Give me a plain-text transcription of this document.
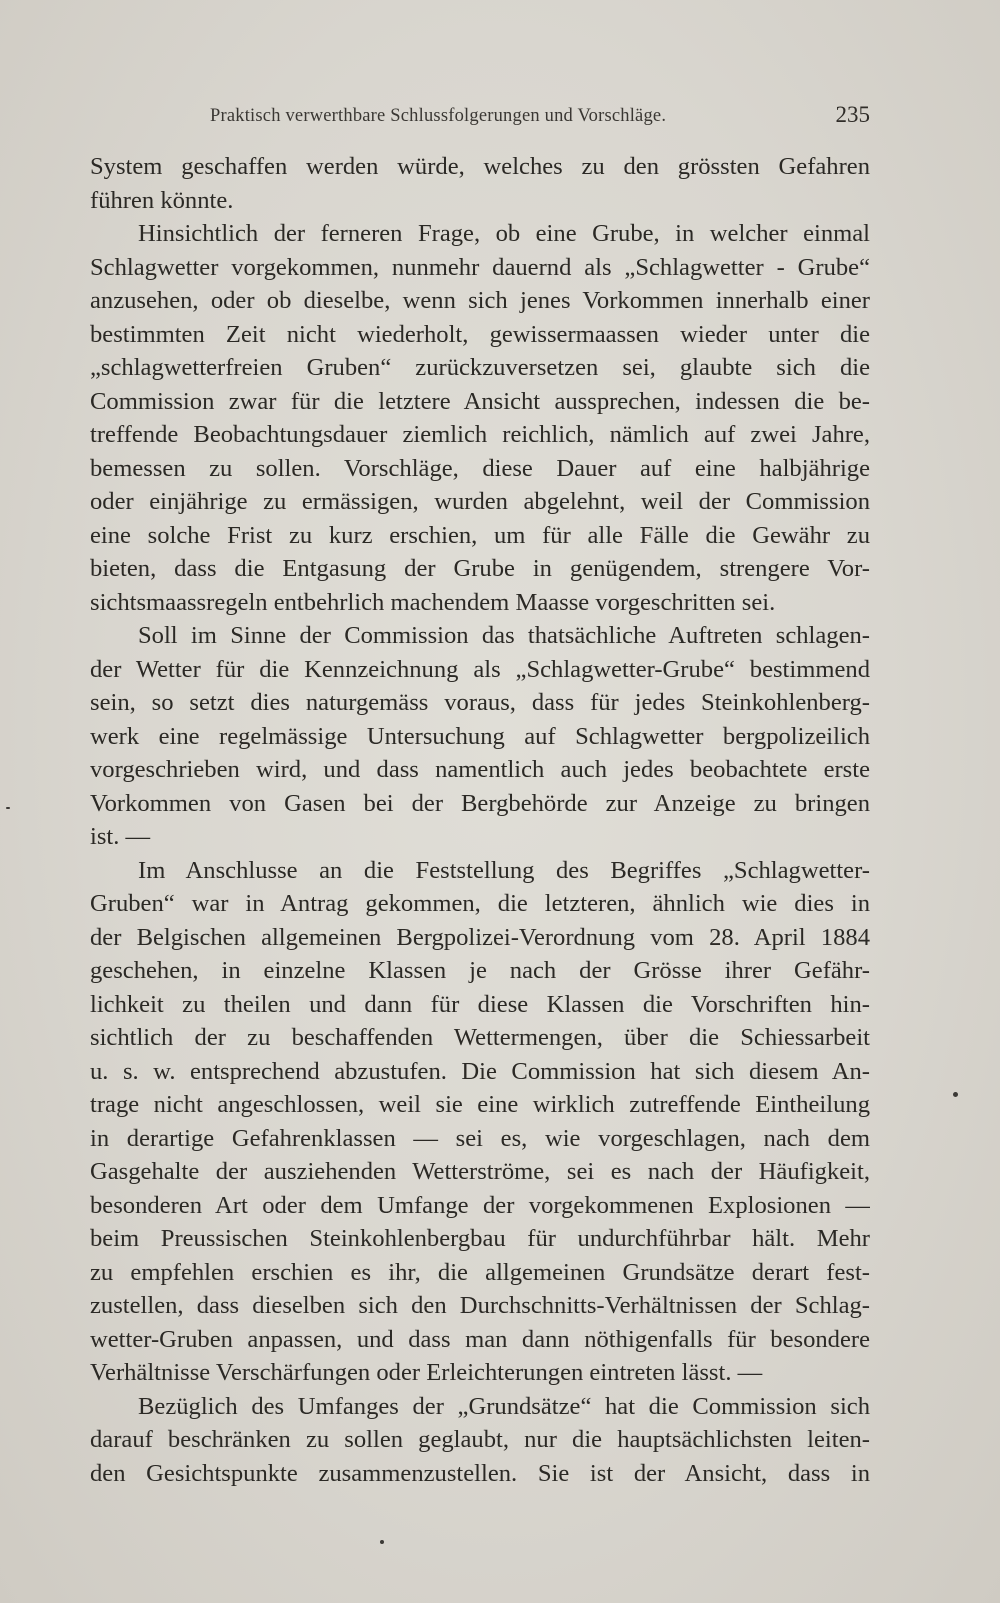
Praktisch verwerthbare Schlussfolgerungen und Vorschläge.	235
System geschaffen werden würde, welches zu den grössten Gefahren
führen könnte.
Hinsichtlich der ferneren Frage, ob eine Grube, in welcher einmal
Schlagwetter vorgekommen, nunmehr dauernd als „Schlagwetter - Grube“
anzusehen, oder ob dieselbe, wenn sich jenes Vorkommen innerhalb einer
bestimmten Zeit nicht wiederholt, gewissermaassen wieder unter die
„schlagwetterfreien Gruben“ zurückzuversetzen sei, glaubte sich die
Commission zwar für die letztere Ansicht aussprechen, indessen die be-
treffende Beobachtungsdauer ziemlich reichlich, nämlich auf zwei Jahre,
bemessen zu sollen. Vorschläge, diese Dauer auf eine halbjährige
oder einjährige zu ermässigen, wurden abgelehnt, weil der Commission
eine solche Frist zu kurz erschien, um für alle Fälle die Gewähr zu
bieten, dass die Entgasung der Grube in genügendem, strengere Vor-
sichtsmaassregeln entbehrlich machendem Maasse vorgeschritten sei.
Soll im Sinne der Commission das thatsächliche Auftreten schlagen-
der Wetter für die Kennzeichnung als „Schlagwetter-Grube“ bestimmend
sein, so setzt dies naturgemäss voraus, dass für jedes Steinkohlenberg-
werk eine regelmässige Untersuchung auf Schlagwetter bergpolizeilich
vorgeschrieben wird, und dass namentlich auch jedes beobachtete erste
Vorkommen von Gasen bei der Bergbehörde zur Anzeige zu bringen
ist. —
Im Anschlusse an die Feststellung des Begriffes „Schlagwetter-
Gruben“ war in Antrag gekommen, die letzteren, ähnlich wie dies in
der Belgischen allgemeinen Bergpolizei-Verordnung vom 28. April 1884
geschehen, in einzelne Klassen je nach der Grösse ihrer Gefähr-
lichkeit zu theilen und dann für diese Klassen die Vorschriften hin-
sichtlich der zu beschaffenden Wettermengen, über die Schiessarbeit
u. s. w. entsprechend abzustufen. Die Commission hat sich diesem An-
trage nicht angeschlossen, weil sie eine wirklich zutreffende Eintheilung
in derartige Gefahrenklassen — sei es, wie vorgeschlagen, nach dem
Gasgehalte der ausziehenden Wetterströme, sei es nach der Häufigkeit,
besonderen Art oder dem Umfange der vorgekommenen Explosionen —
beim Preussischen Steinkohlenbergbau für undurchführbar hält. Mehr
zu empfehlen erschien es ihr, die allgemeinen Grundsätze derart fest-
zustellen, dass dieselben sich den Durchschnitts-Verhältnissen der Schlag-
wetter-Gruben anpassen, und dass man dann nöthigenfalls für besondere
Verhältnisse Verschärfungen oder Erleichterungen eintreten lässt. —
Bezüglich des Umfanges der „Grundsätze“ hat die Commission sich
darauf beschränken zu sollen geglaubt, nur die hauptsächlichsten leiten-
den Gesichtspunkte zusammenzustellen. Sie ist der Ansicht, dass in
